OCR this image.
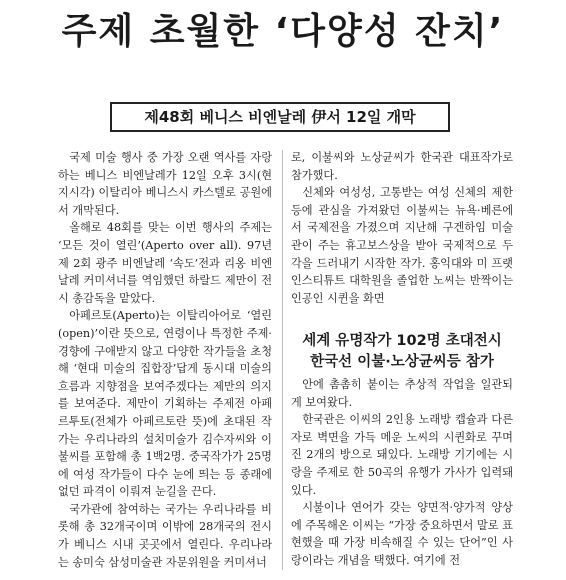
주제 초월한 ‘다양성 잔치’
제48회 베니스 비엔날레 伊서 12일 개막

국제 미술 행사 중 가장 오랜 역사를 자랑하는 베니스 비엔날레가 12일 오후 3시(현지시각) 이탈리아 베니스시 카스텔로 공원에서 개막된다.

올해로 48회를 맞는 이번 행사의 주제는 ‘모든 것이 열린’(Aperto over all). 97년 제 2회 광주 비엔날레 ‘속도’전과 리옹 비엔날레 커미셔너를 역임했던 하랄드 제만이 전시 총감독을 맡았다.

아페르토(Aperto)는 이탈리아어로 ‘열린(open)’이란 뜻으로, 연령이나 특정한 주제·경향에 구애받지 않고 다양한 작가들을 초청해 ‘현대 미술의 집합장’답게 동시대 미술의 흐름과 지향점을 보여주겠다는 제만의 의지를 보여준다. 제만이 기획하는 주제전 아페르투토(전체가 아페르토란 뜻)에 초대된 작가는 우리나라의 설치미술가 김수자씨와 이불씨를 포함해 총 1백2명. 중국작가가 25명에 여성 작가들이 다수 눈에 띄는 등 종래에 없던 파격이 이뤄져 눈길을 끈다.

국가관에 참여하는 국가는 우리나라를 비롯해 총 32개국이며 이밖에 28개국의 전시가 베니스 시내 곳곳에서 열린다. 우리나라는 송미숙 삼성미술관 자문위원을 커미셔너

로, 이불씨와 노상균씨가 한국관 대표작가로 참가했다.

신체와 여성성, 고통받는 여성 신체의 제한 등에 관심을 가져왔던 이불씨는 뉴욕·베른에서 국제전을 가졌으며 지난해 구겐하임 미술관이 주는 휴고보스상을 받아 국제적으로 두각을 드러내기 시작한 작가. 홍익대와 미 프랫 인스티튜트 대학원을 졸업한 노씨는 반짝이는 인공인 시퀸을 화면

세계 유명작가 102명 초대전시
한국선 이불·노상균씨등 참가

안에 촘촘히 붙이는 추상적 작업을 일관되게 보여왔다.

한국관은 이씨의 2인용 노래방 캡슐과 다른 자로 벽면을 가득 메운 노씨의 시퀸화로 꾸며진 2개의 방으로 돼있다. 노래방 기기에는 시랑을 주제로 한 50곡의 유행가 가사가 입력돼 있다.

시불이나 연어가 갖는 양면적·양가적 양상에 주목해온 이씨는 “가장 중요하면서 말로 표현했을 때 가장 비속해질 수 있는 단어”인 사랑이라는 개념을 택했다. 여기에 전
